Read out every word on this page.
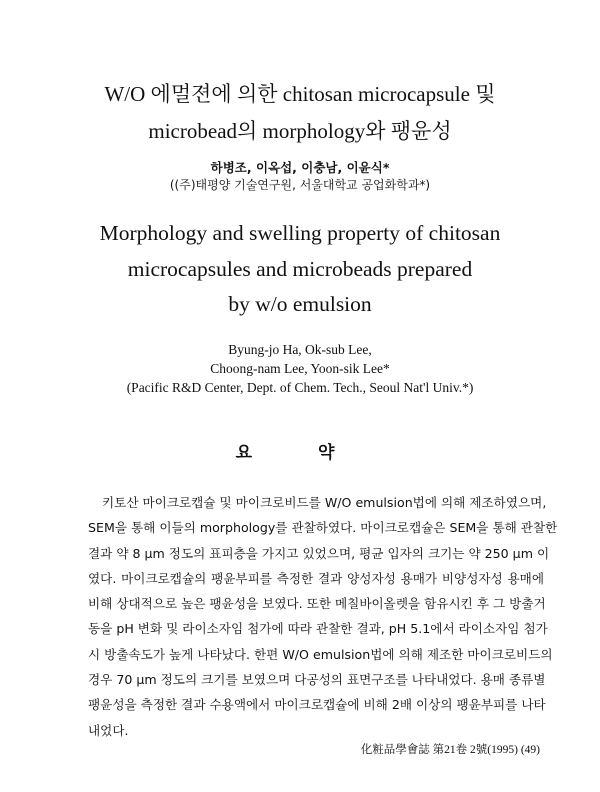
W/O 에멀젼에 의한 chitosan microcapsule 및
microbead의 morphology와 팽윤성
하병조, 이옥섭, 이충남, 이윤식*
((주)태평양 기술연구원, 서울대학교 공업화학과*)
Morphology and swelling property of chitosan
microcapsules and microbeads prepared
by w/o emulsion
Byung-jo Ha, Ok-sub Lee,
Choong-nam Lee, Yoon-sik Lee*
(Pacific R&D Center, Dept. of Chem. Tech., Seoul Nat'l Univ.*)
요 약
키토산 마이크로캡슐 및 마이크로비드를 W/O emulsion법에 의해 제조하였으며,
SEM을 통해 이들의 morphology를 관찰하였다. 마이크로캡슐은 SEM을 통해 관찰한
결과 약 8 μm 정도의 표피층을 가지고 있었으며, 평균 입자의 크기는 약 250 μm 이
였다. 마이크로캡슐의 팽윤부피를 측정한 결과 양성자성 용매가 비양성자성 용매에
비해 상대적으로 높은 팽윤성을 보였다. 또한 메칠바이올렛을 함유시킨 후 그 방출거
동을 pH 변화 및 라이소자임 첨가에 따라 관찰한 결과, pH 5.1에서 라이소자임 첨가
시 방출속도가 높게 나타났다. 한편 W/O emulsion법에 의해 제조한 마이크로비드의
경우 70 μm 정도의 크기를 보였으며 다공성의 표면구조를 나타내었다. 용매 종류별
팽윤성을 측정한 결과 수용액에서 마이크로캡슐에 비해 2배 이상의 팽윤부피를 나타
내었다.
化粧品學會誌 第21卷 2號(1995) (49)
